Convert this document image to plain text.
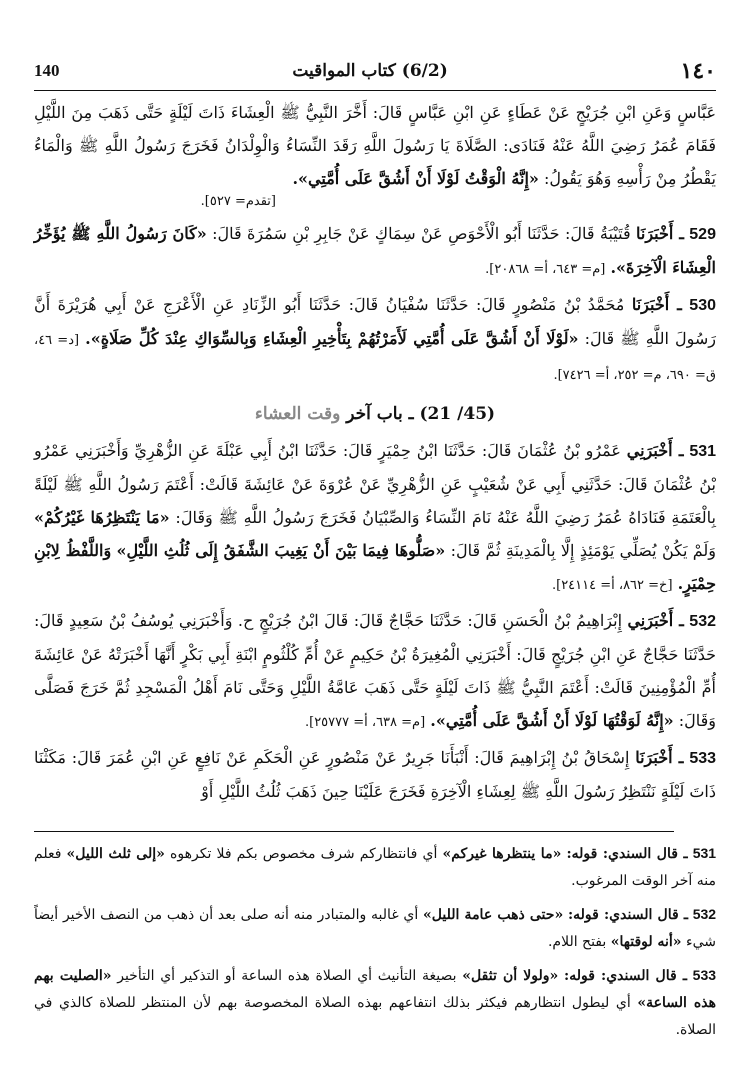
١٤٠
(6/2) كتاب المواقيت
140

عَبَّاسٍ وَعَنِ ابْنِ جُرَيْجٍ عَنْ عَطَاءٍ عَنِ ابْنِ عَبَّاسٍ قَالَ: أَخَّرَ النَّبِيُّ ﷺ الْعِشَاءَ ذَاتَ لَيْلَةٍ حَتَّى ذَهَبَ مِنَ اللَّيْلِ فَقَامَ عُمَرُ رَضِيَ اللَّهُ عَنْهُ فَنَادَى: الصَّلَاةَ يَا رَسُولَ اللَّهِ رَقَدَ النِّسَاءُ وَالْوِلْدَانُ فَخَرَجَ رَسُولُ اللَّهِ ﷺ وَالْمَاءُ يَقْطُرُ مِنْ رَأْسِهِ وَهُوَ يَقُولُ: «إِنَّهُ الْوَقْتُ لَوْلَا أَنْ أَشُقَّ عَلَى أُمَّتِي».

[تقدم= ٥٢٧].

529 ـ أَخْبَرَنَا قُتَيْبَةُ قَالَ: حَدَّثَنَا أَبُو الْأَحْوَصِ عَنْ سِمَاكٍ عَنْ جَابِرِ بْنِ سَمُرَةَ قَالَ: «كَانَ رَسُولُ اللَّهِ ﷺ يُؤَخِّرُ الْعِشَاءَ الْآخِرَةَ». [م= ٦٤٣، أ= ٢٠٨٦٨].

530 ـ أَخْبَرَنَا مُحَمَّدُ بْنُ مَنْصُورٍ قَالَ: حَدَّثَنَا سُفْيَانُ قَالَ: حَدَّثَنَا أَبُو الزِّنَادِ عَنِ الْأَعْرَجِ عَنْ أَبِي هُرَيْرَةَ أَنَّ رَسُولَ اللَّهِ ﷺ قَالَ: «لَوْلَا أَنْ أَشُقَّ عَلَى أُمَّتِي لَأَمَرْتُهُمْ بِتَأْخِيرِ الْعِشَاءِ وَبِالسِّوَاكِ عِنْدَ كُلِّ صَلَاةٍ». [د= ٤٦، ق= ٦٩٠، م= ٢٥٢، أ= ٧٤٢٦].

(45/ 21) ـ باب آخر وقت العشاء

531 ـ أَخْبَرَنِي عَمْرُو بْنُ عُثْمَانَ قَالَ: حَدَّثَنَا ابْنُ حِمْيَرٍ قَالَ: حَدَّثَنَا ابْنُ أَبِي عَبْلَةَ عَنِ الزُّهْرِيِّ وَأَخْبَرَنِي عَمْرُو بْنُ عُثْمَانَ قَالَ: حَدَّثَنِي أَبِي عَنْ شُعَيْبٍ عَنِ الزُّهْرِيِّ عَنْ عُرْوَةَ عَنْ عَائِشَةَ قَالَتْ: أَعْتَمَ رَسُولُ اللَّهِ ﷺ لَيْلَةً بِالْعَتَمَةِ فَنَادَاهُ عُمَرُ رَضِيَ اللَّهُ عَنْهُ نَامَ النِّسَاءُ وَالصِّبْيَانُ فَخَرَجَ رَسُولُ اللَّهِ ﷺ وَقَالَ: «مَا يَنْتَظِرُهَا غَيْرُكُمْ» وَلَمْ يَكُنْ يُصَلِّي يَوْمَئِذٍ إِلَّا بِالْمَدِينَةِ ثُمَّ قَالَ: «صَلُّوهَا فِيمَا بَيْنَ أَنْ يَغِيبَ الشَّفَقُ إِلَى ثُلُثِ اللَّيْلِ» وَاللَّفْظُ لِابْنِ حِمْيَرٍ. [خ= ٨٦٢، أ= ٢٤١١٤].

532 ـ أَخْبَرَنِي إِبْرَاهِيمُ بْنُ الْحَسَنِ قَالَ: حَدَّثَنَا حَجَّاجٌ قَالَ: قَالَ ابْنُ جُرَيْجٍ ح. وَأَخْبَرَنِي يُوسُفُ بْنُ سَعِيدٍ قَالَ: حَدَّثَنَا حَجَّاجٌ عَنِ ابْنِ جُرَيْجٍ قَالَ: أَخْبَرَنِي الْمُغِيرَةُ بْنُ حَكِيمٍ عَنْ أُمِّ كُلْثُومٍ ابْنَةِ أَبِي بَكْرٍ أَنَّهَا أَخْبَرَتْهُ عَنْ عَائِشَةَ أُمِّ الْمُؤْمِنِينَ قَالَتْ: أَعْتَمَ النَّبِيُّ ﷺ ذَاتَ لَيْلَةٍ حَتَّى ذَهَبَ عَامَّةُ اللَّيْلِ وَحَتَّى نَامَ أَهْلُ الْمَسْجِدِ ثُمَّ خَرَجَ فَصَلَّى وَقَالَ: «إِنَّهُ لَوَقْتُهَا لَوْلَا أَنْ أَشُقَّ عَلَى أُمَّتِي». [م= ٦٣٨، أ= ٢٥٧٧٧].

533 ـ أَخْبَرَنَا إِسْحَاقُ بْنُ إِبْرَاهِيمَ قَالَ: أَنْبَأَنَا جَرِيرٌ عَنْ مَنْصُورٍ عَنِ الْحَكَمِ عَنْ نَافِعٍ عَنِ ابْنِ عُمَرَ قَالَ: مَكَثْنَا ذَاتَ لَيْلَةٍ نَنْتَظِرُ رَسُولَ اللَّهِ ﷺ لِعِشَاءِ الْآخِرَةِ فَخَرَجَ عَلَيْنَا حِينَ ذَهَبَ ثُلُثُ اللَّيْلِ أَوْ

531 ـ قال السندي: قوله: «ما ينتظرها غيركم» أي فانتظاركم شرف مخصوص بكم فلا تكرهوه «إلى ثلث الليل» فعلم منه آخر الوقت المرغوب.

532 ـ قال السندي: قوله: «حتى ذهب عامة الليل» أي غالبه والمتبادر منه أنه صلى بعد أن ذهب من النصف الأخير أيضاً شيء «أنه لوقتها» بفتح اللام.

533 ـ قال السندي: قوله: «ولولا أن تثقل» بصيغة التأنيث أي الصلاة هذه الساعة أو التذكير أي التأخير «الصليت بهم هذه الساعة» أي ليطول انتظارهم فيكثر بذلك انتفاعهم بهذه الصلاة المخصوصة بهم لأن المنتظر للصلاة كالذي في الصلاة.
